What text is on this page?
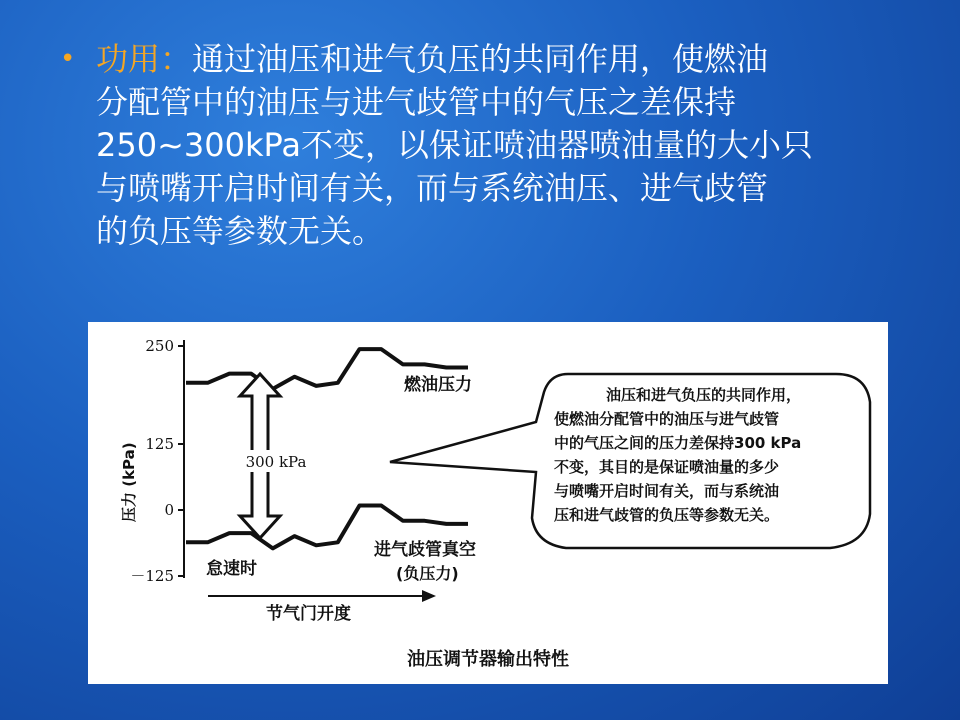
• 功用：通过油压和进气负压的共同作用，使燃油
分配管中的油压与进气歧管中的气压之差保持
250~300kPa不变，以保证喷油器喷油量的大小只
与喷嘴开启时间有关，而与系统油压、进气歧管
的负压等参数无关。
250
125
0
－125
压力 (kPa)	300 kPa
燃油压力
进气歧管真空
(负压力)
怠速时
节气门开度
油压和进气负压的共同作用，
使燃油分配管中的油压与进气歧管
中的气压之间的压力差保持300 kPa
不变，其目的是保证喷油量的多少
与喷嘴开启时间有关，而与系统油
压和进气歧管的负压等参数无关。
油压调节器输出特性
